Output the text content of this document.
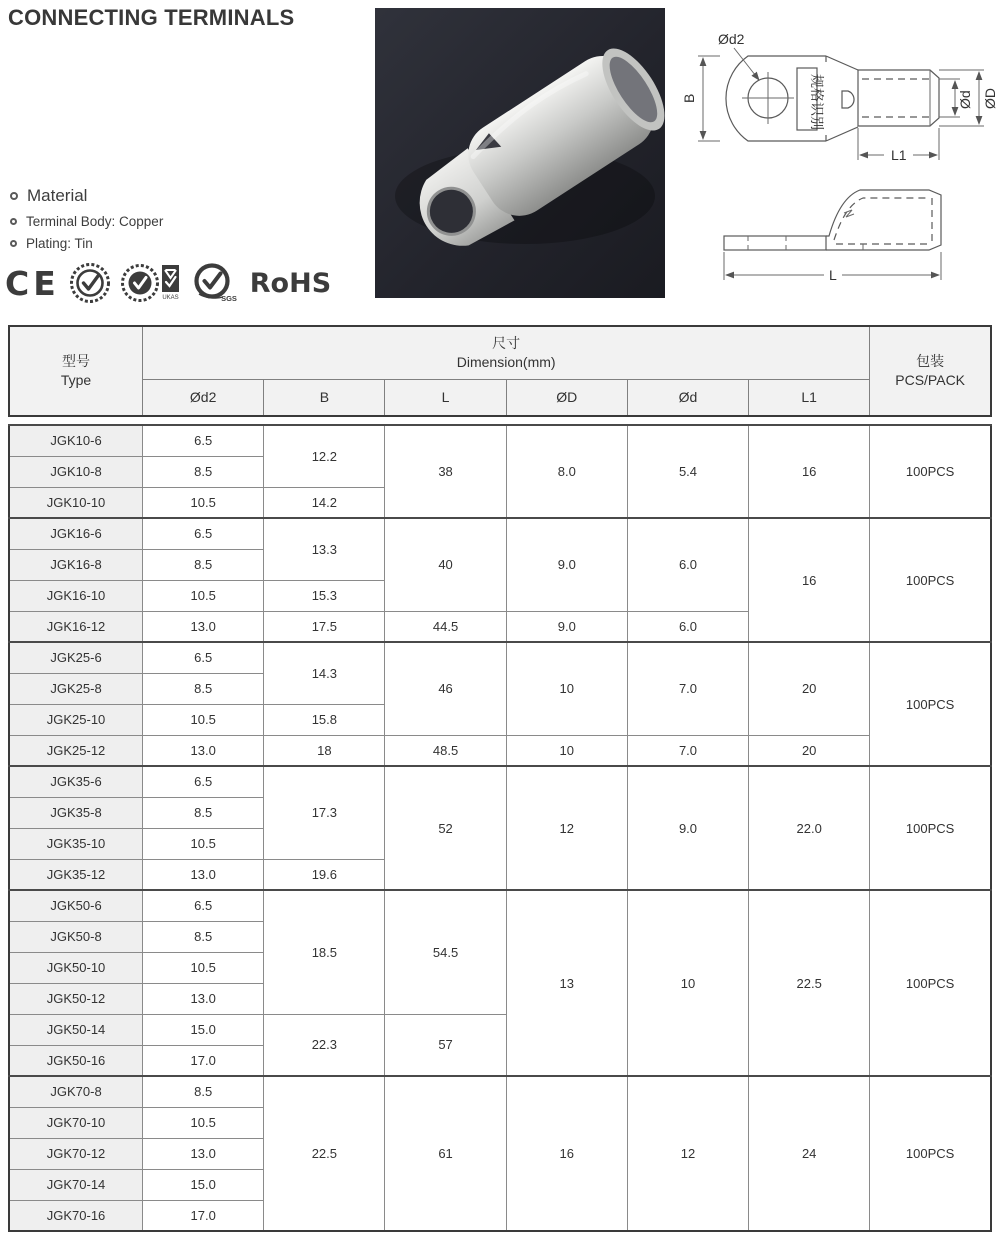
CONNECTING TERMINALS
规格识别
Ød2
B	Ød ØD
L1
L
Material
Terminal Body: Copper
Plating: Tin
CE	UKAS	SGS RoHS
型号
Type

尺寸
Dimension(mm)	包装
PCS/PACK

	Ød2	B	L	ØD	Ød	L1	
JGK10-6	6.5	12.2	38	8.0	5.4	16	100PCS
JGK10-8	8.5						
JGK10-10	10.5	14.2					
JGK16-6	6.5	13.3	40	9.0	6.0	16	100PCS
JGK16-8	8.5						
JGK16-10	10.5	15.3					
JGK16-12	13.0	17.5	44.5	9.0	6.0		
JGK25-6	6.5	14.3	46	10	7.0	20	100PCS
JGK25-8	8.5						
JGK25-10	10.5	15.8					
JGK25-12	13.0	18	48.5	10	7.0	20	
JGK35-6	6.5	17.3	52	12	9.0	22.0	100PCS
JGK35-8	8.5						
JGK35-10	10.5						
JGK35-12	13.0	19.6					
JGK50-6	6.5	18.5	54.5	13	10	22.5	100PCS
JGK50-8	8.5						
JGK50-10	10.5						
JGK50-12	13.0						
JGK50-14	15.0	22.3	57				
JGK50-16	17.0						
JGK70-8	8.5	22.5	61	16	12	24	100PCS
JGK70-10	10.5						
JGK70-12	13.0						
JGK70-14	15.0						
JGK70-16	17.0						
